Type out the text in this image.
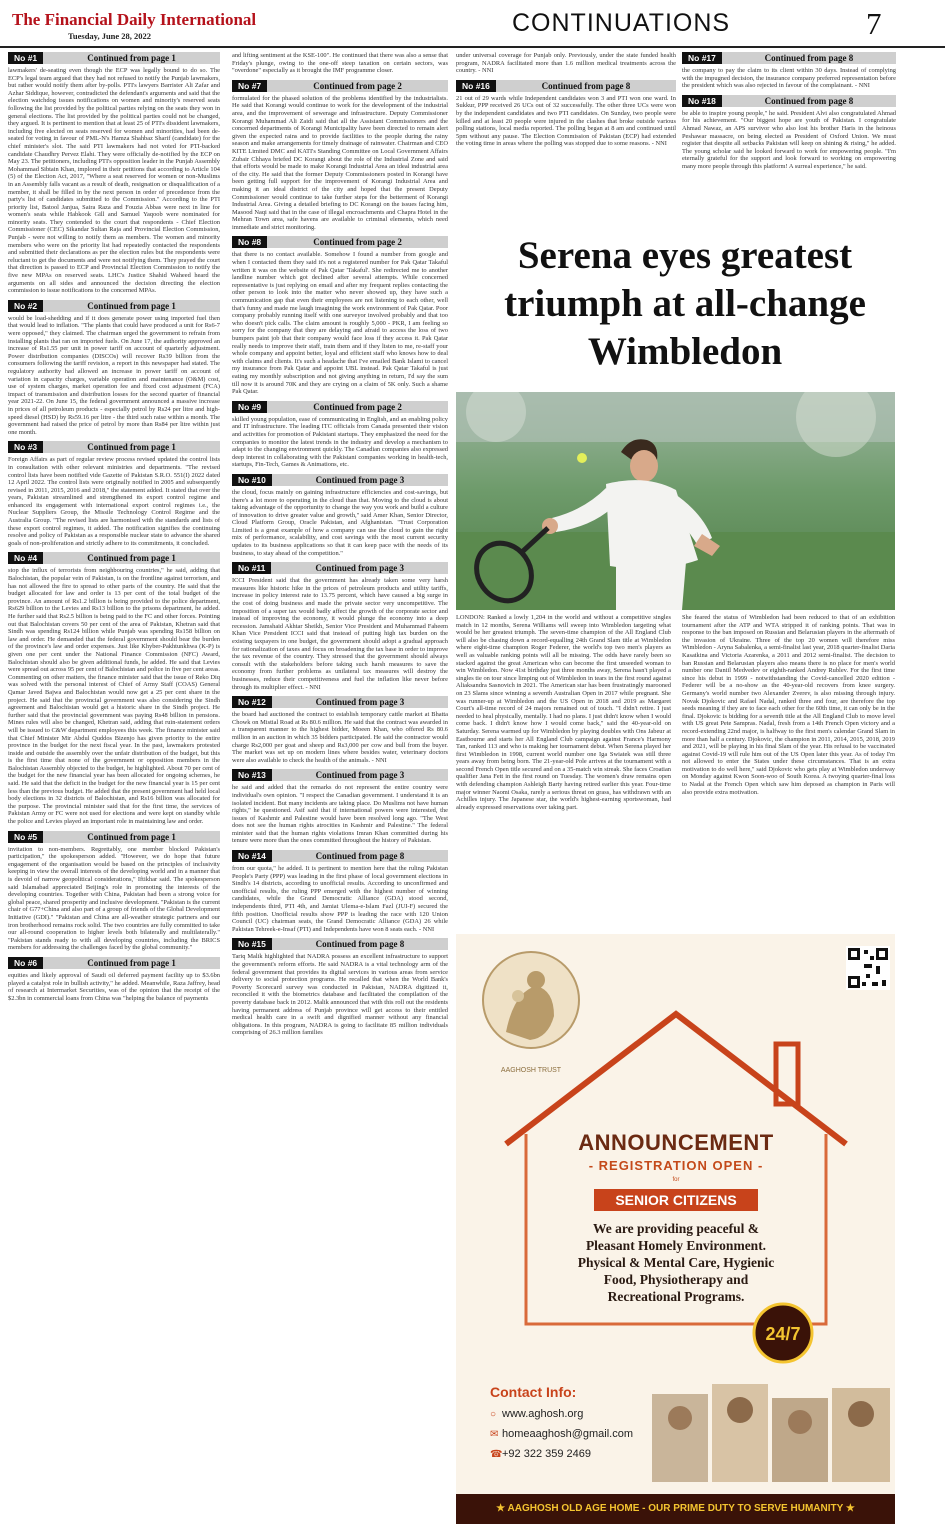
The Financial Daily International
Tuesday, June 28, 2022	CONTINUATIONS	7
No #1	Continued from page 1
lawmakers' de-seating even though the ECP was legally bound to do so. The ECP's legal team argued that they had not refused to notify the Punjab lawmakers, but rather would notify them after by-polls. PTI's lawyers Barrister Ali Zafar and Azhar Siddique, however, contradicted the defendant's arguments and said that the election watchdog issues notifications on women and minority's reserved seats following the list provided by the political parties relying on the seats they won in general elections. The list provided by the political parties could not be changed, they argued. It is pertinent to mention that at least 25 of PTI's dissident lawmakers, including five elected on seats reserved for women and minorities, had been de-seated for voting in favour of PML-N's Hamza Shahbaz Sharif (candidate) for the chief minister's slot. The said PTI lawmakers had not voted for PTI-backed candidate Chaudhry Pervez Elahi. They were officially de-notified by the ECP on May 23. The petitioners, including PTI's opposition leader in the Punjab Assembly Mohammad Sibtain Khan, implored in their petitions that according to Article 104 (5) of the Election Act, 2017, "Where a seat reserved for women or non-Muslims in an Assembly falls vacant as a result of death, resignation or disqualification of a member, it shall be filled in by the next person in order of precedence from the party's list of candidates submitted to the Commission." According to the PTI priority list, Batool Janjua, Saira Raza and Fouzia Abbas were next in line for women's seats while Habkook Gill and Samuel Yaqoob were nominated for minority seats. They contended to the court that respondents - Chief Election Commissioner (CEC) Sikandar Sultan Raja and Provincial Election Commission, Punjab - were not willing to notify them as members. The women and minority members who were on the priority list had repeatedly contacted the respondents and submitted their declarations as per the election rules but the respondents were reluctant to get the documents and were not notifying them. They prayed the court that direction is passed to ECP and Provincial Election Commission to notify the five new MPAs on reserved seats. LHC's Justice Shahid Waheed heard the arguments on all sides and announced the decision directing the election commission to issue notifications to the concerned MPAs.
No #2	Continued from page 1
would be load-shedding and if it does generate power using imported fuel then that would lead to inflation. "The plants that could have produced a unit for Rs6-7 were opposed," they claimed. The chairman urged the government to refrain from installing plants that ran on imported fuels. On June 17, the authority approved an increase of Rs1.55 per unit in power tariff on account of quarterly adjustment. Power distribution companies (DISCOs) will recover Rs39 billion from the consumers following the tariff revision, a report in this newspaper had stated. The regulatory authority had allowed an increase in power tariff on account of variation in capacity charges, variable operation and maintenance (O&M) cost, use of system charges, market operation fee and fixed cost adjustment (FCA) impact of transmission and distribution losses for the second quarter of financial year 2021-22. On June 15, the federal government announced a massive increase in prices of all petroleum products - especially petrol by Rs24 per litre and high-speed diesel (HSD) by Rs59.16 per litre - the third such raise within a month. The government had raised the price of petrol by more than Rs84 per litre within just one month.
No #3	Continued from page 1
Foreign Affairs as part of regular review process revised updated the control lists in consultation with other relevant ministries and departments. "The revised control lists have been notified vide Gazette of Pakistan S.R.O. 551(I) 2022 dated 12 April 2022. The control lists were originally notified in 2005 and subsequently revised in 2011, 2015, 2016 and 2018," the statement added. It stated that over the years, Pakistan streamlined and strengthened its export control regime and enhanced its engagement with international export control regimes i.e., the Nuclear Suppliers Group, the Missile Technology Control Regime and the Australia Group. "The revised lists are harmonised with the standards and lists of these export control regimes, it added. The notification signifies the continuing resolve and policy of Pakistan as a responsible nuclear state to advance the shared goals of non-proliferation and strictly adhere to its commitments, it concluded.
No #4	Continued from page 1
stop the influx of terrorists from neighbouring countries," he said, adding that Balochistan, the popular vein of Pakistan, is on the frontline against terrorism, and has not allowed the fire to spread to other parts of the country. He said that the budget allocated for law and order is 13 per cent of the total budget of the province. An amount of Rs1.2 billion is being provided to the police department, Rs629 billion to the Levies and Rs13 billion to the prisons department, he added. He further said that Rs2.5 billion is being paid to the FC and other forces. Pointing out that Balochistan covers 50 per cent of the area of Pakistan, Khetran said that Sindh was spending Rs124 billion while Punjab was spending Rs158 billion on law and order. He demanded that the federal government should bear the burden of the province's law and order expenses. Just like Khyber-Pakhtunkhwa (K-P) is given one per cent under the National Finance Commission (NFC) Award, Balochistan should also be given additional funds, he added. He said that Levies were spread out across 95 per cent of Balochistan and police in five per cent areas. Commenting on other matters, the finance minister said that the issue of Reko Diq was solved with the personal interest of Chief of Army Staff (COAS) General Qamar Javed Bajwa and Balochistan would now get a 25 per cent share in the project. He said that the provincial government was also considering the Sindh agreement and Balochistan would get a historic share in the Sindh project. He further said that the provincial government was paying Rs48 billion in pensions. Mines rules will also be changed, Khetran said, adding that ruin-statement orders will be issued to C&W department employees this week. The finance minister said that Chief Minister Mir Abdul Quddos Bizenjo has given priority to the entire province in the budget for the next fiscal year. In the past, lawmakers protested inside and outside the assembly over the unfair distribution of the budget, but this is the first time that none of the government or opposition members in the Balochistan Assembly objected to the budget, he highlighted. About 70 per cent of the budget for the new financial year has been allocated for ongoing schemes, he said. He said that the deficit in the budget for the new financial year is 15 per cent less than the previous budget. He added that the present government had held local body elections in 32 districts of Balochistan, and Rs16 billion was allocated for the purpose. The provincial minister said that for the first time, the services of Pakistan Army or FC were not used for elections and were kept on standby while the police and Levies played an important role in maintaining law and order.
No #5	Continued from page 1
invitation to non-members. Regrettably, one member blocked Pakistan's participation," the spokesperson added. "However, we do hope that future engagement of the organisation would be based on the principles of inclusivity keeping in view the overall interests of the developing world and in a manner that is devoid of narrow geopolitical considerations," Iftikhar said. The spokesperson said Islamabad appreciated Beijing's role in promoting the interests of the developing countries. Together with China, Pakistan had been a strong voice for global peace, shared prosperity and inclusive development. "Pakistan is the current chair of G77+China and also part of a group of friends of the Global Development Initiative (GDI)." "Pakistan and China are all-weather strategic partners and our iron brotherhood remains rock solid. The two countries are fully committed to take our all-round cooperation to higher levels both bilaterally and multilaterally." "Pakistan stands ready to with all developing countries, including the BRICS members for addressing the challenges faced by the global community."
No #6	Continued from page 1
equities and likely approval of Saudi oil deferred payment facility up to $3.6bn played a catalyst role in bullish activity," he added. Meanwhile, Raza Jaffrey, head of research at Intermarket Securities, was of the opinion that the receipt of the $2.3bn in commercial loans from China was "helping the balance of payments
and lifting sentiment at the KSE-100". He continued that there was also a sense that Friday's plunge, owing to the one-off steep taxation on certain sectors, was "overdone" especially as it brought the IMF programme closer.
No #7	Continued from page 2
formulated for the phased solution of the problems identified by the industrialists. He said that Korangi would continue to work for the development of the industrial area, and the improvement of sewerage and infrastructure. Deputy Commissioner Korangi Muhammad Ali Zaidi said that all the Assistant Commissioners and the concerned departments of Korangi Municipality have been directed to remain alert given the expected rains and to provide facilities to the people during the rainy season and make arrangements for timely drainage of rainwater. Chairman and CEO KITE Limited DMC and KATI's Standing Committee on Local Government Affairs Zubair Chhaya briefed DC Korangi about the role of the Industrial Zone and said that efforts would be made to make Korangi Industrial Area an ideal industrial area of the city. He said that the former Deputy Commissioners posted in Korangi have been getting full support for the improvement of Korangi Industrial Area and making it an ideal district of the city and hoped that the present Deputy Commissioner would continue to take further steps for the betterment of Korangi Industrial Area. Giving a detailed briefing to DC Korangi on the issues facing him, Masood Naqi said that in the case of illegal encroachments and Chapra Hotel in the Mehran Town area, safe havens are available to criminal elements, which need immediate and strict monitoring.
No #8	Continued from page 2
that there is no contact available. Somehow I found a number from google and when I contacted them they said it's not a registered number for Pak Qatar Takaful written it was on the website of Pak Qatar 'Takaful'. She redirected me to another landline number which got declined after several attempts. While concerned representative is just replying on email and after my frequent replies contacting the other person to look into the matter who never showed up, they have such a communication gap that even their employees are not listening to each other, well that's funny and made me laugh imagining the work environment of Pak Qatar. Poor company probably running itself with one surveyor involved probably and that too who doesn't pick calls. The claim amount is roughly 5,000 - PKR, I am feeling so sorry for the company that they are delaying and afraid to access the loss of two bumpers paint job that their company would face loss if they access it. Pak Qatar really needs to improve their staff, train them and if they listen to me, re-staff your whole company and appoint better, loyal and efficient staff who knows how to deal with claims and clients. It's such a headache that I've emailed Bank Islami to cancel my insurance from Pak Qatar and appoint UBL instead. Pak Qatar Takaful is just eating my monthly subscription and not giving anything in return, I'd say the sum till now it is around 70K and they are crying on a claim of 5K only. Such a shame Pak Qatar.
No #9	Continued from page 2
skilled young population, ease of communicating in English, and an enabling policy and IT infrastructure. The leading ITC officials from Canada presented their vision and activities for promotion of Pakistani startups. They emphasized the need for the companies to monitor the latest trends in the industry and develop a mechanism to adapt to the changing environment quickly. The Canadian companies also expressed deep interest in collaborating with the Pakistani companies working in health-tech, startups, Fin-Tech, Games & Animations, etc.
No #10	Continued from page 3
the cloud, focus mainly on gaining infrastructure efficiencies and cost-savings, but there's a lot more to operating in the cloud than that. Moving to the cloud is about taking advantage of the opportunity to change the way you work and build a culture of innovation to drive greater value and growth," said Amer Khan, Senior Director, Cloud Platform Group, Oracle Pakistan, and Afghanistan. "Trust Corporation Limited is a great example of how a company can use the cloud to gain the right mix of performance, scalability, and cost savings with the most current security updates to its business applications so that it can keep pace with the needs of its business, to stay ahead of the competition."
No #11	Continued from page 3
ICCI President said that the government has already taken some very harsh measures like historic hike in the prices of petroleum products and utility tariffs, increase in policy interest rate to 13.75 percent, which have caused a big surge in the cost of doing business and made the private sector very uncompetitive. The imposition of a super tax would badly affect the growth of the corporate sector and instead of improving the economy, it would plunge the economy into a deep recession. Jamshaid Akhtar Sheikh, Senior Vice President and Muhammad Faheem Khan Vice President ICCI said that instead of putting high tax burden on the existing taxpayers in one budget, the government should adopt a gradual approach for rationalization of taxes and focus on broadening the tax base in order to improve the tax revenue of the country. They stressed that the government should always consult with the stakeholders before taking such harsh measures to save the economy from further problems as unilateral tax measures will destroy the businesses, reduce their competitiveness and fuel the inflation like never before through its multiplier effect. - NNI
No #12	Continued from page 3
the board had auctioned the contract to establish temporary cattle market at Bhatta Chowk on Mistial Road at Rs 80.6 million. He said that the contract was awarded in a transparent manner to the highest bidder, Moeen Khan, who offered Rs 80.6 million in an auction in which 35 bidders participated. He said the contractor would charge Rs2,000 per goat and sheep and Rs3,000 per cow and bull from the buyer. The market was set up on modern lines where besides water, veterinary doctors were also available to check the health of the animals. - NNI
No #13	Continued from page 3
he said and added that the remarks do not represent the entire country were individual's own opinion. "I respect the Canadian government. I understand it is an isolated incident. But many incidents are taking place. Do Muslims not have human rights," he questioned. Asif said that if international powers were interested, the issues of Kashmir and Palestine would have been resolved long ago. "The West does not see the human rights atrocities in Kashmir and Palestine." The federal minister said that the human rights violations Imran Khan committed during his tenure were more than the ones committed throughout the history of Pakistan.
No #14	Continued from page 8
from our quota," he added. It is pertinent to mention here that the ruling Pakistan People's Party (PPP) was leading in the first phase of local government elections in Sindh's 14 districts, according to unofficial results. According to unconfirmed and unofficial results, the ruling PPP emerged with the highest number of winning candidates, while the Grand Democratic Alliance (GDA) stood second, independents third, PTI 4th, and Jamiat Ulema-e-Islam Fazl (JUI-F) secured the fifth position. Unofficial results show PPP is leading the race with 120 Union Council (UC) chairman seats, the Grand Democratic Alliance (GDA) 26 while Pakistan Tehreek-e-Insaf (PTI) and Independents have won 8 seats each. - NNI
No #15	Continued from page 8
Tariq Malik highlighted that NADRA possess an excellent infrastructure to support the government's reform efforts. He said NADRA is a vital technology arm of the federal government that provides its digital services in various areas from service delivery to social protection programs. He recalled that when the World Bank's Poverty Scorecard survey was conducted in Pakistan, NADRA digitized it, reconciled it with the biometrics database and facilitated the compilation of the poverty database back in 2012. Malik announced that with this roll out the residents having permanent address of Punjab province will get access to their entitled medical health care in a swift and dignified manner without any financial obligations. In this program, NADRA is going to facilitate 85 million individuals comprising of 26.3 million families
under universal coverage for Punjab only. Previously, under the state funded health program, NADRA facilitated more than 1.6 million medical treatments across the country. - NNI
No #16	Continued from page 8
21 out of 29 wards while Independent candidates won 3 and PTI won one ward. In Sukkur, PPP received 26 UCs out of 32 successfully. The other three UCs were won by the independent candidates and two PTI candidates. On Sunday, two people were killed and at least 20 people were injured in the clashes that broke outside various polling stations, local media reported. The polling began at 8 am and continued until 5pm without any pause. The Election Commission of Pakistan (ECP) had extended the voting time in areas where the polling was stopped due to some reasons. - NNI
No #17	Continued from page 8
the company to pay the claim to its client within 30 days. Instead of complying with the impugned decision, the insurance company preferred representation before the president which was also rejected in favour of the complainant. - NNI
No #18	Continued from page 8
be able to inspire young people," he said. President Alvi also congratulated Ahmad for his achievement. "Our biggest hope are youth of Pakistan. I congratulate Ahmad Nawaz, an APS survivor who also lost his brother Haris in the heinous Peshawar massacre, on being elected as President of Oxford Union. We must register that despite all setbacks Pakistan will keep on shining & rising," he added. The young scholar said he looked forward to work for empowering people. "I'm eternally grateful for the support and look forward to working on empowering many more people through this platform! A surreal experience," he said.
Serena eyes greatest triumph at all-change Wimbledon
LONDON: Ranked a lowly 1,204 in the world and without a competitive singles match in 12 months, Serena Williams will sweep into Wimbledon targeting what would be her greatest triumph. The seven-time champion of the All England Club will also be chasing down a record-equalling 24th Grand Slam title at Wimbledon where eight-time champion Roger Federer, the world's top two men's players as well as valuable ranking points will all be missing. The odds have rarely been so stacked against the great American who can become the first unseeded woman to win Wimbledon. Now 41st birthday just three months away, Serena hasn't played a singles tie on tour since limping out of Wimbledon in tears in the first round against Aliaksandra Sasnovich in 2021. The American star has been frustratingly marooned on 23 Slams since winning a seventh Australian Open in 2017 while pregnant. She was runner-up at Wimbledon and the US Open in 2018 and 2019 as Margaret Court's all-time record of 24 majors remained out of touch. "I didn't retire. I just needed to heal physically, mentally. I had no plans. I just didn't know when I would come back. I didn't know how I would come back," said the 40-year-old on Saturday. Serena warmed up for Wimbledon by playing doubles with Ons Jabeur at Eastbourne and starts her All England Club campaign against France's Harmony Tan, ranked 113 and who is making her tournament debut. When Serena played her first Wimbledon in 1998, current world number one Iga Swiatek was still three years away from being born. The 21-year-old Pole arrives at the tournament with a second French Open title secured and on a 35-match win streak. She faces Croatian qualifier Jana Fett in the first round on Tuesday. The women's draw remains open with defending champion Ashleigh Barty having retired earlier this year. Four-time major winner Naomi Osaka, rarely a serious threat on grass, has withdrawn with an Achilles injury. The Japanese star, the world's highest-earning sportswoman, had already expressed reservations over taking part.
She feared the status of Wimbledon had been reduced to that of an exhibition tournament after the ATP and WTA stripped it of ranking points. That was in response to the ban imposed on Russian and Belarusian players in the aftermath of the invasion of Ukraine. Three of the top 20 women will therefore miss Wimbledon - Aryna Sabalenka, a semi-finalist last year, 2018 quarter-finalist Daria Kasatkina and Victoria Azarenka, a 2011 and 2012 semi-finalist. The decision to ban Russian and Belarusian players also means there is no place for men's world number one Daniil Medvedev or eighth-ranked Andrey Rublev. For the first time since his debut in 1999 - notwithstanding the Covid-cancelled 2020 edition - Federer will be a no-show as the 40-year-old recovers from knee surgery. Germany's world number two Alexander Zverev, is also missing through injury. Novak Djokovic and Rafael Nadal, ranked three and four, are therefore the top seeds meaning if they are to face each other for the 60th time, it can only be in the final. Djokovic is bidding for a seventh title at the All England Club to move level with US great Pete Sampras. Nadal, fresh from a 14th French Open victory and a record-extending 22nd major, is halfway to the first men's calendar Grand Slam in more than half a century. Djokovic, the champion in 2011, 2014, 2015, 2018, 2019 and 2021, will be playing in his final Slam of the year. His refusal to be vaccinated against Covid-19 will rule him out of the US Open later this year. As of today I'm not allowed to enter the States under these circumstances. That is an extra motivation to do well here," said Djokovic who gets play at Wimbledon underway on Monday against Kwon Soon-woo of South Korea. A twoying quarter-final loss to Nadal at the French Open which saw him deposed as champion in Paris will also provide extra motivation.
AAGHOSH TRUST
ANNOUNCEMENT
- REGISTRATION OPEN -
for
SENIOR CITIZENS
We are providing peaceful & Pleasant Homely Environment. Physical & Mental Care, Hygienic Food, Physiotherapy and Recreational Programs.
Contact Info:
○ www.aghosh.org
✉ homeaaghosh@gmail.com
☎+92 322 359 2469
24/7
★ AAGHOSH OLD AGE HOME - OUR PRIME DUTY TO SERVE HUMANITY ★
